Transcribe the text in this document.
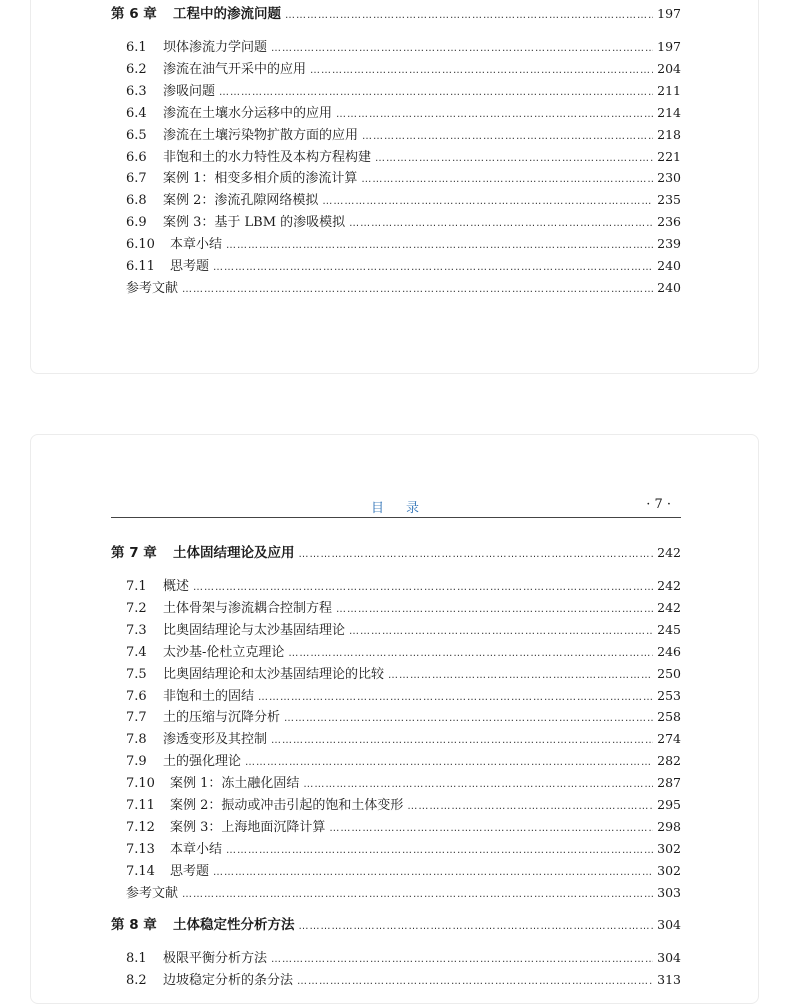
第 6 章	工程中的渗流问题 ……………………………………………………………………………………………………………………………………………………………………………………	197
6.1	坝体渗流力学问题 ……………………………………………………………………………………………………………………………………………………………………………………	197
6.2	渗流在油气开采中的应用 ……………………………………………………………………………………………………………………………………………………………………………………	204
6.3	渗吸问题 ……………………………………………………………………………………………………………………………………………………………………………………	211
6.4	渗流在土壤水分运移中的应用 ……………………………………………………………………………………………………………………………………………………………………………………	214
6.5	渗流在土壤污染物扩散方面的应用 ……………………………………………………………………………………………………………………………………………………………………………………	218
6.6	非饱和土的水力特性及本构方程构建 ……………………………………………………………………………………………………………………………………………………………………………………	221
6.7	案例 1：相变多相介质的渗流计算 ……………………………………………………………………………………………………………………………………………………………………………………	230
6.8	案例 2：渗流孔隙网络模拟 ……………………………………………………………………………………………………………………………………………………………………………………	235
6.9	案例 3：基于 LBM 的渗吸模拟 ……………………………………………………………………………………………………………………………………………………………………………………	236
6.10	本章小结 ……………………………………………………………………………………………………………………………………………………………………………………	239
6.11	思考题 ……………………………………………………………………………………………………………………………………………………………………………………	240
参考文献 ……………………………………………………………………………………………………………………………………………………………………………………	240
目录	· 7 ·
第 7 章	土体固结理论及应用 ……………………………………………………………………………………………………………………………………………………………………………………	242
7.1	概述 ……………………………………………………………………………………………………………………………………………………………………………………	242
7.2	土体骨架与渗流耦合控制方程 ……………………………………………………………………………………………………………………………………………………………………………………	242
7.3	比奥固结理论与太沙基固结理论 ……………………………………………………………………………………………………………………………………………………………………………………	245
7.4	太沙基-伦杜立克理论 ……………………………………………………………………………………………………………………………………………………………………………………	246
7.5	比奥固结理论和太沙基固结理论的比较 ……………………………………………………………………………………………………………………………………………………………………………………	250
7.6	非饱和土的固结 ……………………………………………………………………………………………………………………………………………………………………………………	253
7.7	土的压缩与沉降分析 ……………………………………………………………………………………………………………………………………………………………………………………	258
7.8	渗透变形及其控制 ……………………………………………………………………………………………………………………………………………………………………………………	274
7.9	土的强化理论 ……………………………………………………………………………………………………………………………………………………………………………………	282
7.10	案例 1：冻土融化固结 ……………………………………………………………………………………………………………………………………………………………………………………	287
7.11	案例 2：振动或冲击引起的饱和土体变形 ……………………………………………………………………………………………………………………………………………………………………………………	295
7.12	案例 3：上海地面沉降计算 ……………………………………………………………………………………………………………………………………………………………………………………	298
7.13	本章小结 ……………………………………………………………………………………………………………………………………………………………………………………	302
7.14	思考题 ……………………………………………………………………………………………………………………………………………………………………………………	302
参考文献 ……………………………………………………………………………………………………………………………………………………………………………………	303
第 8 章	土体稳定性分析方法 ……………………………………………………………………………………………………………………………………………………………………………………	304
8.1	极限平衡分析方法 ……………………………………………………………………………………………………………………………………………………………………………………	304
8.2	边坡稳定分析的条分法 ……………………………………………………………………………………………………………………………………………………………………………………	313
